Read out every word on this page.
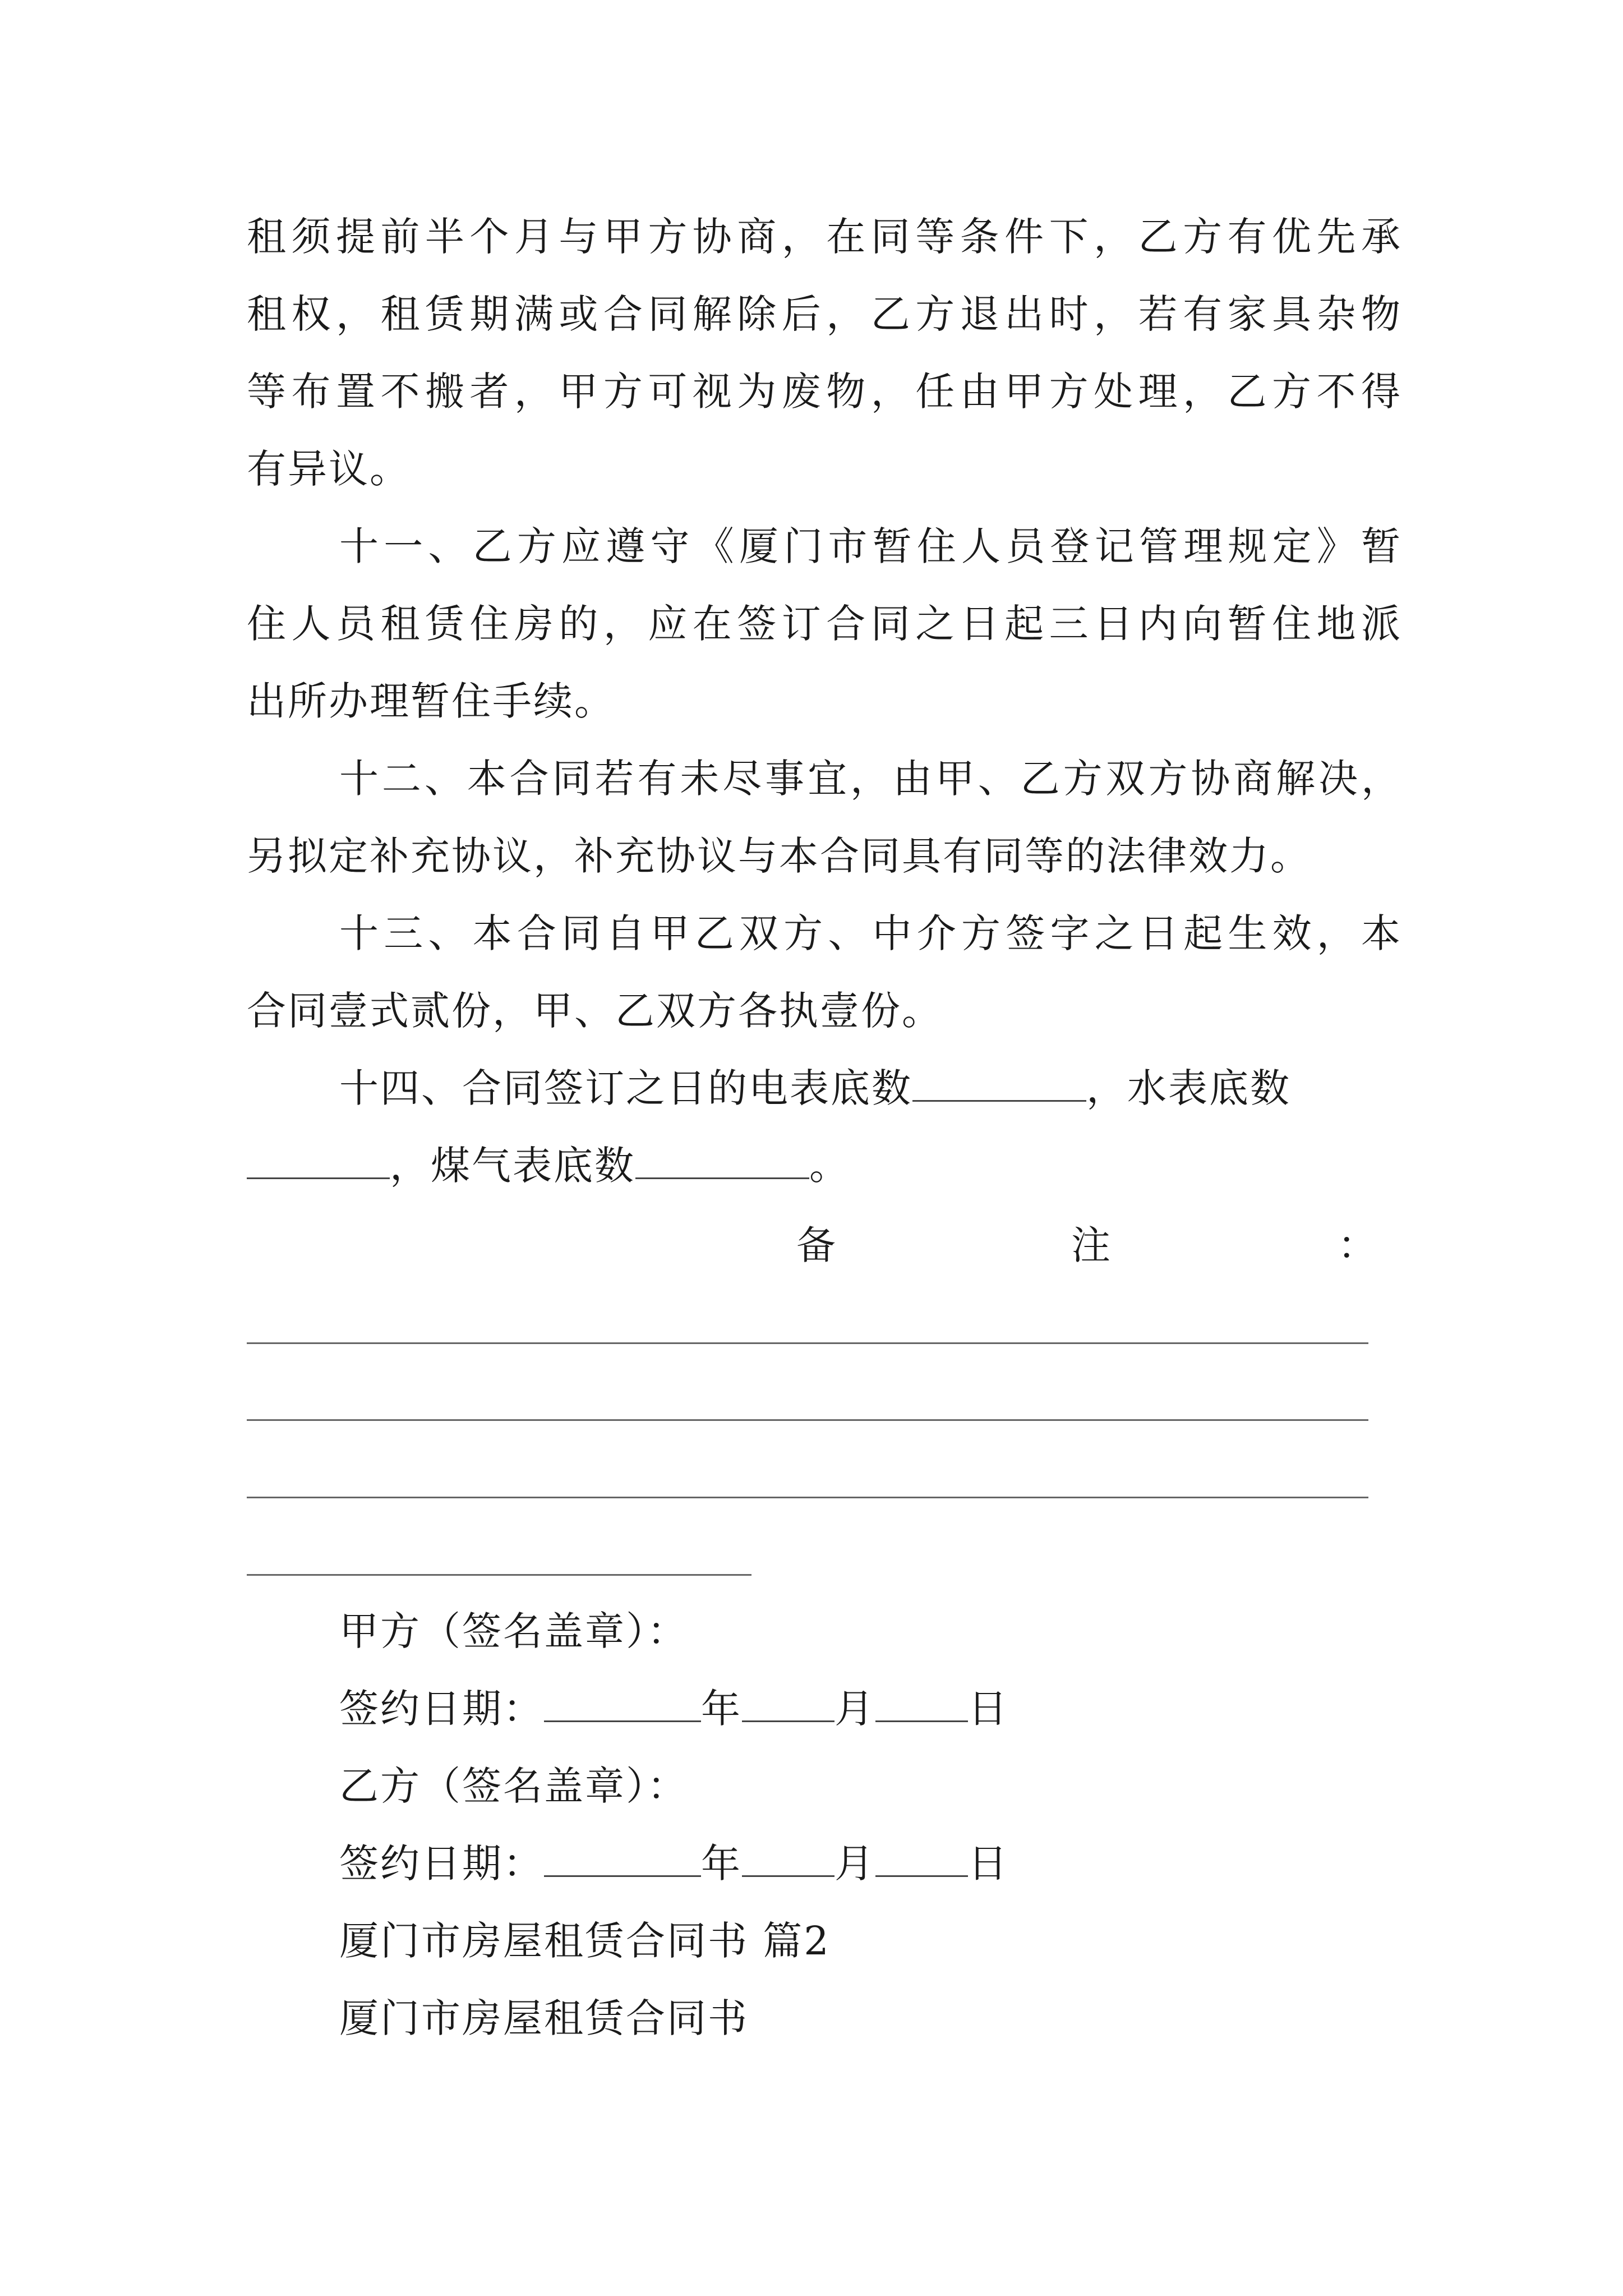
租须提前半个月与甲方协商，在同等条件下，乙方有优先承
租权，租赁期满或合同解除后，乙方退出时，若有家具杂物
等布置不搬者，甲方可视为废物，任由甲方处理，乙方不得
有异议。
十一、乙方应遵守《厦门市暂住人员登记管理规定》暂
住人员租赁住房的，应在签订合同之日起三日内向暂住地派
出所办理暂住手续。
十二、本合同若有未尽事宜，由甲、乙方双方协商解决，
另拟定补充协议，补充协议与本合同具有同等的法律效力。
十三、本合同自甲乙双方、中介方签字之日起生效，本
合同壹式贰份，甲、乙双方各执壹份。
十四、合同签订之日的电表底数	，水表底数
，煤气表底数	。
备	注	：
甲方（签名盖章）：
签约日期：	年 月 日
乙方（签名盖章）：
签约日期：	年 月 日
厦门市房屋租赁合同书 篇2
厦门市房屋租赁合同书
